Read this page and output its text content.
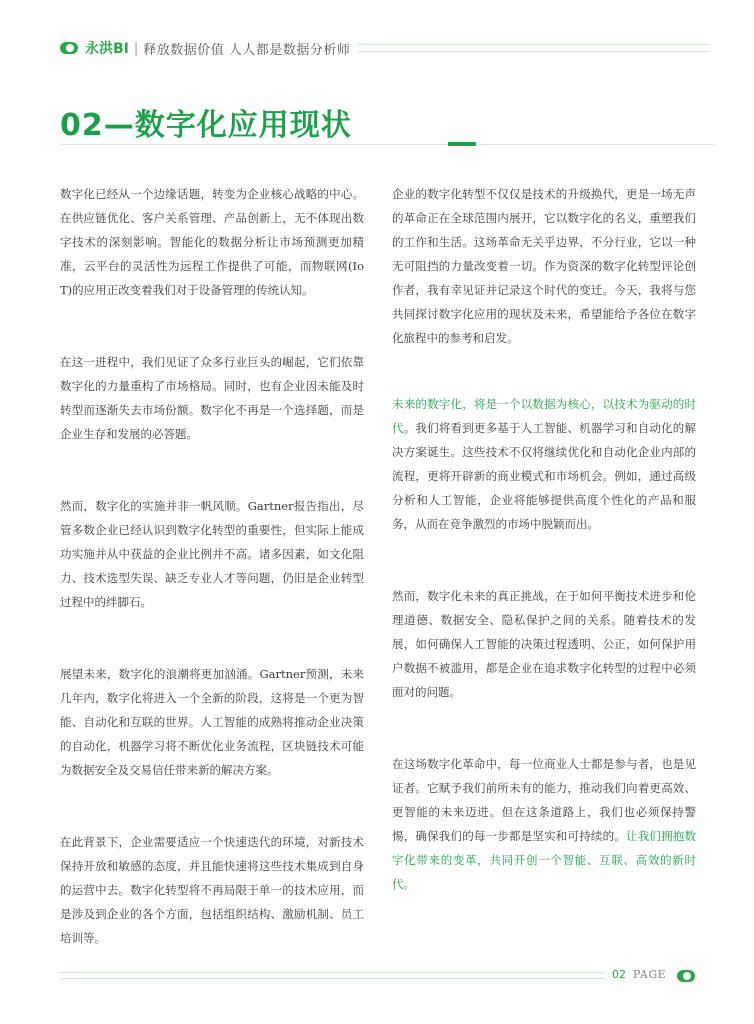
永洪BI | 释放数据价值 人人都是数据分析师
02—数字化应用现状

数字化已经从一个边缘话题，转变为企业核心战略的中心。在供应链优化、客户关系管理、产品创新上，无不体现出数字技术的深刻影响。智能化的数据分析让市场预测更加精准，云平台的灵活性为远程工作提供了可能，而物联网(IoT)的应用正改变着我们对于设备管理的传统认知。

在这一进程中，我们见证了众多行业巨头的崛起，它们依靠数字化的力量重构了市场格局。同时，也有企业因未能及时转型而逐渐失去市场份额。数字化不再是一个选择题，而是企业生存和发展的必答题。

然而，数字化的实施并非一帆风顺。Gartner报告指出，尽管多数企业已经认识到数字化转型的重要性，但实际上能成功实施并从中获益的企业比例并不高。诸多因素，如文化阻力、技术选型失误、缺乏专业人才等问题，仍旧是企业转型过程中的绊脚石。

展望未来，数字化的浪潮将更加汹涌。Gartner预测，未来几年内，数字化将进入一个全新的阶段，这将是一个更为智能、自动化和互联的世界。人工智能的成熟将推动企业决策的自动化，机器学习将不断优化业务流程，区块链技术可能为数据安全及交易信任带来新的解决方案。

在此背景下，企业需要适应一个快速迭代的环境，对新技术保持开放和敏感的态度，并且能快速将这些技术集成到自身的运营中去。数字化转型将不再局限于单一的技术应用，而是涉及到企业的各个方面，包括组织结构、激励机制、员工培训等。

企业的数字化转型不仅仅是技术的升级换代，更是一场无声的革命正在全球范围内展开，它以数字化的名义，重塑我们的工作和生活。这场革命无关乎边界，不分行业，它以一种无可阻挡的力量改变着一切。作为资深的数字化转型评论创作者，我有幸见证并记录这个时代的变迁。今天，我将与您共同探讨数字化应用的现状及未来，希望能给予各位在数字化旅程中的参考和启发。

未来的数字化，将是一个以数据为核心，以技术为驱动的时代。我们将看到更多基于人工智能、机器学习和自动化的解决方案诞生。这些技术不仅将继续优化和自动化企业内部的流程，更将开辟新的商业模式和市场机会。例如，通过高级分析和人工智能，企业将能够提供高度个性化的产品和服务，从而在竞争激烈的市场中脱颖而出。

然而，数字化未来的真正挑战，在于如何平衡技术进步和伦理道德、数据安全、隐私保护之间的关系。随着技术的发展，如何确保人工智能的决策过程透明、公正，如何保护用户数据不被滥用，都是企业在追求数字化转型的过程中必须面对的问题。

在这场数字化革命中，每一位商业人士都是参与者，也是见证者。它赋予我们前所未有的能力，推动我们向着更高效、更智能的未来迈进。但在这条道路上，我们也必须保持警惕，确保我们的每一步都是坚实和可持续的。让我们拥抱数字化带来的变革，共同开创一个智能、互联、高效的新时代。

02 PAGE
